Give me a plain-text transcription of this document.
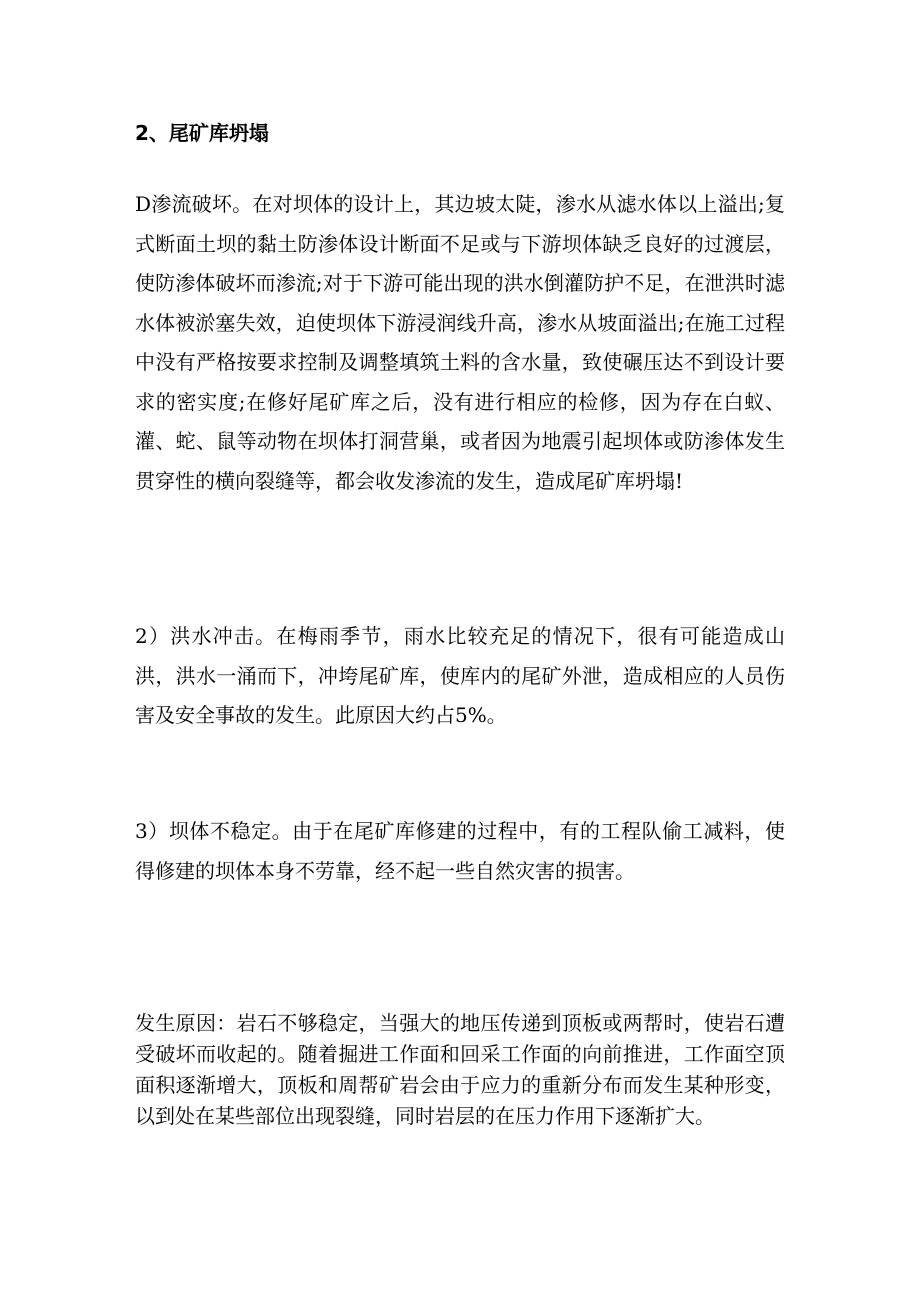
2、尾矿库坍塌

D渗流破坏。在对坝体的设计上，其边坡太陡，渗水从滤水体以上溢出;复式断面土坝的黏土防渗体设计断面不足或与下游坝体缺乏良好的过渡层，使防渗体破坏而渗流;对于下游可能出现的洪水倒灌防护不足，在泄洪时滤水体被淤塞失效，迫使坝体下游浸润线升高，渗水从坡面溢出;在施工过程中没有严格按要求控制及调整填筑土料的含水量，致使碾压达不到设计要求的密实度;在修好尾矿库之后，没有进行相应的检修，因为存在白蚁、灌、蛇、鼠等动物在坝体打洞营巢，或者因为地震引起坝体或防渗体发生贯穿性的横向裂缝等，都会收发渗流的发生，造成尾矿库坍塌!

2）洪水冲击。在梅雨季节，雨水比较充足的情况下，很有可能造成山洪，洪水一涌而下，冲垮尾矿库，使库内的尾矿外泄，造成相应的人员伤害及安全事故的发生。此原因大约占5%。

3）坝体不稳定。由于在尾矿库修建的过程中，有的工程队偷工减料，使得修建的坝体本身不劳靠，经不起一些自然灾害的损害。

发生原因：岩石不够稳定，当强大的地压传递到顶板或两帮时，使岩石遭受破坏而收起的。随着掘进工作面和回采工作面的向前推进，工作面空顶面积逐渐增大，顶板和周帮矿岩会由于应力的重新分布而发生某种形变，以到处在某些部位出现裂缝，同时岩层的在压力作用下逐渐扩大。
